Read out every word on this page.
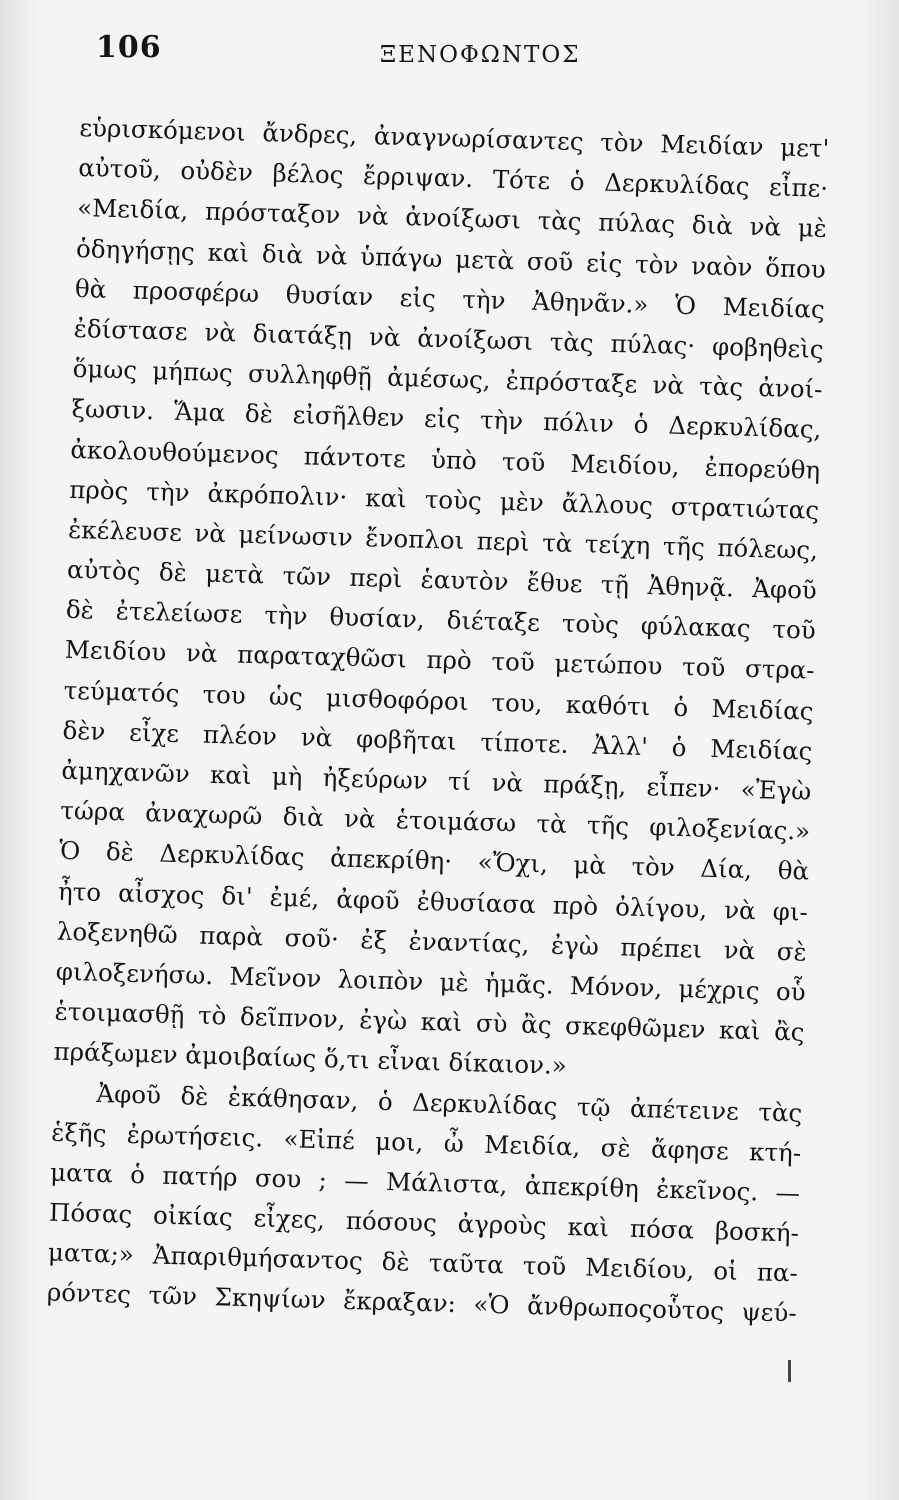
106	ΞΕΝΟΦΩΝΤΟΣ
εὑρισκόμενοι ἄνδρες, ἀναγνωρίσαντες τὸν Μειδίαν μετ'
αὐτοῦ, οὐδὲν βέλος ἔρριψαν. Τότε ὁ Δερκυλίδας εἶπε·
«Μειδία, πρόσταξον νὰ ἀνοίξωσι τὰς πύλας διὰ νὰ μὲ
ὁδηγήσῃς καὶ διὰ νὰ ὑπάγω μετὰ σοῦ εἰς τὸν ναὸν ὅπου
θὰ προσφέρω θυσίαν εἰς τὴν Ἀθηνᾶν.» Ὁ Μειδίας
ἐδίστασε νὰ διατάξῃ νὰ ἀνοίξωσι τὰς πύλας· φοβηθεὶς
ὅμως μήπως συλληφθῇ ἀμέσως, ἐπρόσταξε νὰ τὰς ἀνοί-
ξωσιν. Ἅμα δὲ εἰσῆλθεν εἰς τὴν πόλιν ὁ Δερκυλίδας,
ἀκολουθούμενος πάντοτε ὑπὸ τοῦ Μειδίου, ἐπορεύθη
πρὸς τὴν ἀκρόπολιν· καὶ τοὺς μὲν ἄλλους στρατιώτας
ἐκέλευσε νὰ μείνωσιν ἔνοπλοι περὶ τὰ τείχη τῆς πόλεως,
αὐτὸς δὲ μετὰ τῶν περὶ ἑαυτὸν ἔθυε τῇ Ἀθηνᾷ. Ἀφοῦ
δὲ ἐτελείωσε τὴν θυσίαν, διέταξε τοὺς φύλακας τοῦ
Μειδίου νὰ παραταχθῶσι πρὸ τοῦ μετώπου τοῦ στρα-
τεύματός του ὡς μισθοφόροι του, καθότι ὁ Μειδίας
δὲν εἶχε πλέον νὰ φοβῆται τίποτε. Ἀλλ' ὁ Μειδίας
ἀμηχανῶν καὶ μὴ ἠξεύρων τί νὰ πράξῃ, εἶπεν· «Ἐγὼ
τώρα ἀναχωρῶ διὰ νὰ ἑτοιμάσω τὰ τῆς φιλοξενίας.»
Ὁ δὲ Δερκυλίδας ἀπεκρίθη· «Ὄχι, μὰ τὸν Δία, θὰ
ἦτο αἶσχος δι' ἐμέ, ἀφοῦ ἐθυσίασα πρὸ ὀλίγου, νὰ φι-
λοξενηθῶ παρὰ σοῦ· ἐξ ἐναντίας, ἐγὼ πρέπει νὰ σὲ
φιλοξενήσω. Μεῖνον λοιπὸν μὲ ἡμᾶς. Μόνον, μέχρις οὗ
ἑτοιμασθῇ τὸ δεῖπνον, ἐγὼ καὶ σὺ ἂς σκεφθῶμεν καὶ ἂς
πράξωμεν ἀμοιβαίως ὅ,τι εἶναι δίκαιον.»
Ἀφοῦ δὲ ἐκάθησαν, ὁ Δερκυλίδας τῷ ἀπέτεινε τὰς
ἑξῆς ἐρωτήσεις. «Εἰπέ μοι, ὦ Μειδία, σὲ ἄφησε κτή-
ματα ὁ πατήρ σου ; — Μάλιστα, ἀπεκρίθη ἐκεῖνος. —
Πόσας οἰκίας εἶχες, πόσους ἀγροὺς καὶ πόσα βοσκή-
ματα;» Ἀπαριθμήσαντος δὲ ταῦτα τοῦ Μειδίου, οἱ πα-
ρόντες τῶν Σκηψίων ἔκραξαν: «Ὁ ἄνθρωποςοὗτος ψεύ-
